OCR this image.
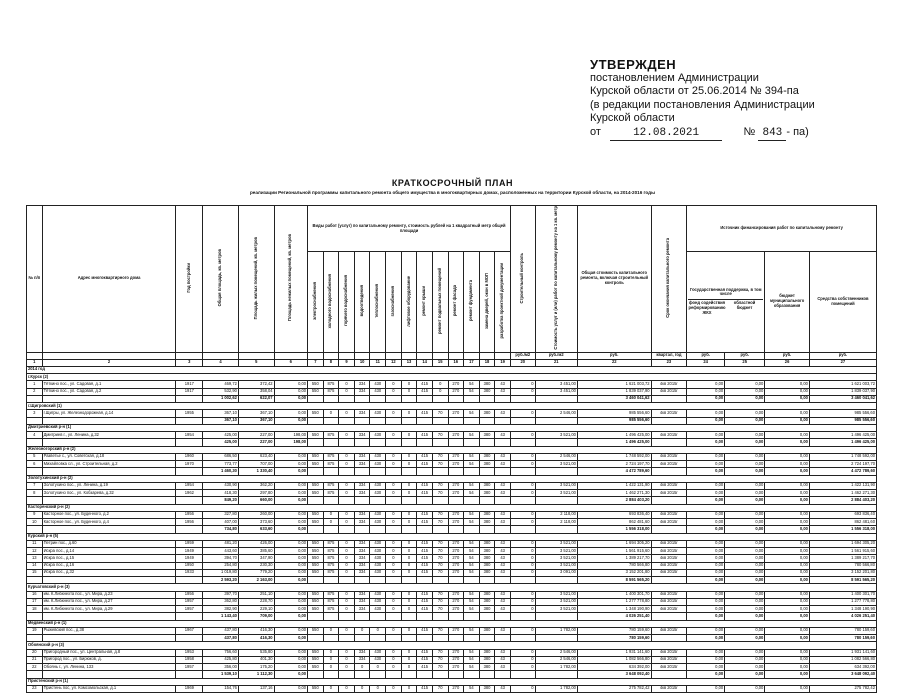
УТВЕРЖДЕН
постановлением Администрации
Курской области от 25.06.2014 № 394-па
(в редакции постановления Администрации
Курской области
от	12.08.2021	№ 843 - па)
КРАТКОСРОЧНЫЙ ПЛАН
реализации Региональной программы капитального ремонта общего имущества в многоквартирных домах, расположенных на территории Курской области, на 2014-2016 годы
№ п/п	Адрес многоквартирного дома	Год постройки	Общая площадь, кв. метров	Площадь жилых помещений, кв. метров	Площадь нежилых помещений, кв. метров	Виды работ (услуг) по капитальному ремонту, стоимость рублей на 1 квадратный метр общей площади													Строительный контроль	Стоимость услуг и (или) работ по капитальному ремонту на 1 кв. метр	Общая стоимость капитального ремонта, включая строительный контроль	Срок окончания капитального ремонта	Источник финансирования работ по капитальному ремонту			
						электроснабжения	холодного водоснабжения	горячего водоснабжения	водоотведения	теплоснабжения	газоснабжения	лифтовое оборудование	ремонт крыши	ремонт подвальных помещений	ремонт фасада	ремонт фундамента	замена дверей, окон в МОП	разработка проектной документации					Государственная поддержка, в том числе
фонд содействия реформированию ЖКХ
областной бюджет		бюджет муниципального образования	Средства собственников помещений
																			руб./м2	руб./м2	руб.	квартал, год	руб.	руб.	руб.	руб.
1	2	3	4	5	6	7	8	9	10	11	12	13	14	15	16	17	18	19	20	21	22	23	24	25	26	27
2014 год																										
г.Курск (2)																										
1	Тёткино пос., ул. Садовая, д.1	1917	469,72	372,42	0,00	550	875	0	334	430	0	0	415	0	270	54	380	43	0	3 451,00	1 621 003,72	4кв 2015г	0,00	0,00	0,00	1 621 003,72
2	Тёткино пос., ул. Садовая, д.2	1917	532,90	358,04	0,00	550	875	0	334	430	0	0	415	0	270	54	380	43	0	3 451,00	1 839 037,90	4кв 2015г	0,00	0,00	0,00	1 839 037,90
			1 002,62	622,07	0,00																3 460 041,62		0,00	0,00	0,00	3 460 041,62
г.Щигровский (1)																										
3	г.Щигры, ул. Железнодорожная, д.14	1955	367,10	367,10	0,00	550	0	0	334	430	0	0	415	70	270	54	380	43	0	2 546,00	985 556,60	4кв 2015г	0,00	0,00	0,00	985 556,60
			367,10	367,10	0,00																985 556,60		0,00	0,00	0,00	985 556,60
Дмитриевский р-н (1)																										
4	Дмитриев г., ул. Ленина, д.32	1954	425,00	227,00	198,00	550	875	0	334	430	0	0	415	70	270	54	380	43	0	3 521,00	1 496 425,00	4кв 2015г	0,00	0,00	0,00	1 496 425,00
			425,00	227,00	198,00																1 496 425,00		0,00	0,00	0,00	1 496 425,00
Железногорский р-н (2)																										
5	Разветье с., ул. Советская, д.18	1960	686,50	623,40	0,00	550	875	0	334	430	0	0	415	70	270	54	380	43	0	2 546,00	1 748 592,00	4кв 2015г	0,00	0,00	0,00	1 748 592,00
6	Михайловка сл., ул. Строительная, д.2	1970	773,77	707,00	0,00	550	875	0	334	430	0	0	415	70	270	54	380	43	0	3 521,00	2 724 197,70	4кв 2015г	0,00	0,00	0,00	2 724 197,70
			1 460,30	1 330,40	0,00																4 472 789,60		0,00	0,00	0,00	4 472 789,60
Золотухинский р-н (2)																										
7	Золотухино пос., ул. Ленина, д.19	1954	430,90	362,20	0,00	550	875	0	334	430	0	0	415	70	270	54	380	43	0	3 521,00	1 422 131,90	4кв 2015г	0,00	0,00	0,00	1 422 131,90
8	Золотухино пос., ул. Кобзарева, д.32	1962	418,30	297,80	0,00	550	875	0	334	430	0	0	415	70	270	54	380	43	0	3 521,00	1 462 271,30	4кв 2015г	0,00	0,00	0,00	1 462 271,30
			849,20	660,00	0,00																2 884 403,20		0,00	0,00	0,00	2 884 403,20
Касторенский р-н (2)																										
9	Касторное пос., ул. Буденного, д.2	1956	327,80	260,00	0,00	550	0	0	334	430	0	0	415	70	270	54	380	43	0	2 118,00	693 836,40	4кв 2015г	0,00	0,00	0,00	693 836,40
10	Касторное пос., ул. Буденного, д.4	1956	407,00	373,60	0,00	550	0	0	334	430	0	0	415	70	270	54	380	43	0	2 118,00	862 481,60	4кв 2015г	0,00	0,00	0,00	862 481,60
			734,80	633,60	0,00																1 556 318,00		0,00	0,00	0,00	1 556 318,00
Курский р-н (5)																										
11	Петрин пос., д.60	1959	481,20	426,00	0,00	550	875	0	334	430	0	0	415	70	270	54	380	43	0	3 521,00	1 694 305,20	4кв 2015г	0,00	0,00	0,00	1 694 305,20
12	Искра пос., д.14	1949	443,60	385,60	0,00	550	875	0	334	430	0	0	415	70	270	54	380	43	0	3 521,00	1 561 915,60	4кв 2015г	0,00	0,00	0,00	1 561 915,60
13	Искра пос., д.15	1949	394,70	347,90	0,00	550	875	0	334	430	0	0	415	70	270	54	380	43	0	3 521,00	1 389 217,70	4кв 2015г	0,00	0,00	0,00	1 389 217,70
14	Искра пос., д.16	1950	254,80	230,30	0,00	550	875	0	334	430	0	0	415	70	270	54	380	43	0	3 521,00	780 566,80	4кв 2015г	0,00	0,00	0,00	780 566,80
15	Искра пос., д.32	1933	1 019,80	779,20	0,00	550	875	0	334	430	0	0	415	70	270	54	380	43	0	3 091,00	3 152 201,80	4кв 2015г	0,00	0,00	0,00	3 152 201,80
			2 593,20	2 163,00	0,00																8 591 565,20		0,00	0,00	0,00	8 591 565,20
Курчатовский р-н (3)																										
16	им. К.Либкнехта пос., ул. Мира, д.23	1956	397,70	251,10	0,00	550	875	0	334	430	0	0	415	70	270	54	380	43	0	3 521,00	1 400 301,70	4кв 2015г	0,00	0,00	0,00	1 400 301,70
17	им. К.Либкнехта пос., ул. Мира, д.27	1957	362,80	228,70	0,00	550	875	0	334	430	0	0	415	70	270	54	380	43	0	3 521,00	1 277 778,80	4кв 2015г	0,00	0,00	0,00	1 277 778,80
18	им. К.Либкнехта пос., ул. Мира, д.29	1957	382,90	229,10	0,00	550	875	0	334	430	0	0	415	70	270	54	380	43	0	3 521,00	1 348 190,90	4кв 2015г	0,00	0,00	0,00	1 348 190,90
			1 143,40	709,00	0,00																4 026 251,40		0,00	0,00	0,00	4 026 251,40
Медвенский р-н (1)																										
19	Рыжевский пос., д.38	1967	437,80	416,30	0,00	550	0	0	0	0	0	0	415	70	270	54	380	43	0	1 782,00	780 159,60	4кв 2015г	0,00	0,00	0,00	780 159,60
			437,80	416,30	0,00																780 159,60		0,00	0,00	0,00	780 159,60
Обоянский р-н (3)																										
20	Пригородный пос., ул. Центральная, д.8	1953	756,60	535,80	0,00	550	0	0	334	430	0	0	415	70	270	54	380	43	0	2 546,00	1 931 141,60	4кв 2015г	0,00	0,00	0,00	1 931 141,60
21	Пригород пос., ул. Бирюков, д.	1958	425,80	401,30	0,00	550	0	0	334	430	0	0	415	70	270	54	380	43	0	2 546,00	1 082 566,80	4кв 2015г	0,00	0,00	0,00	1 082 566,80
22	Обоянь г., ул. Ленина, 133	1957	356,00	175,20	0,00	550	0	0	0	0	0	0	415	70	270	54	380	43	0	1 782,00	634 392,00	4кв 2015г	0,00	0,00	0,00	634 392,00
			1 539,10	1 112,30	0,00																3 648 092,40		0,00	0,00	0,00	3 648 092,40
Пристенский р-н (1)																										
23	Пристень пос, ул. Комсомольская, д.1	1969	154,76	137,16	0,00	550	0	0	0	0	0	0	415	70	270	54	380	43	0	1 782,00	275 782,42	4кв 2015г	0,00	0,00	0,00	275 782,42
